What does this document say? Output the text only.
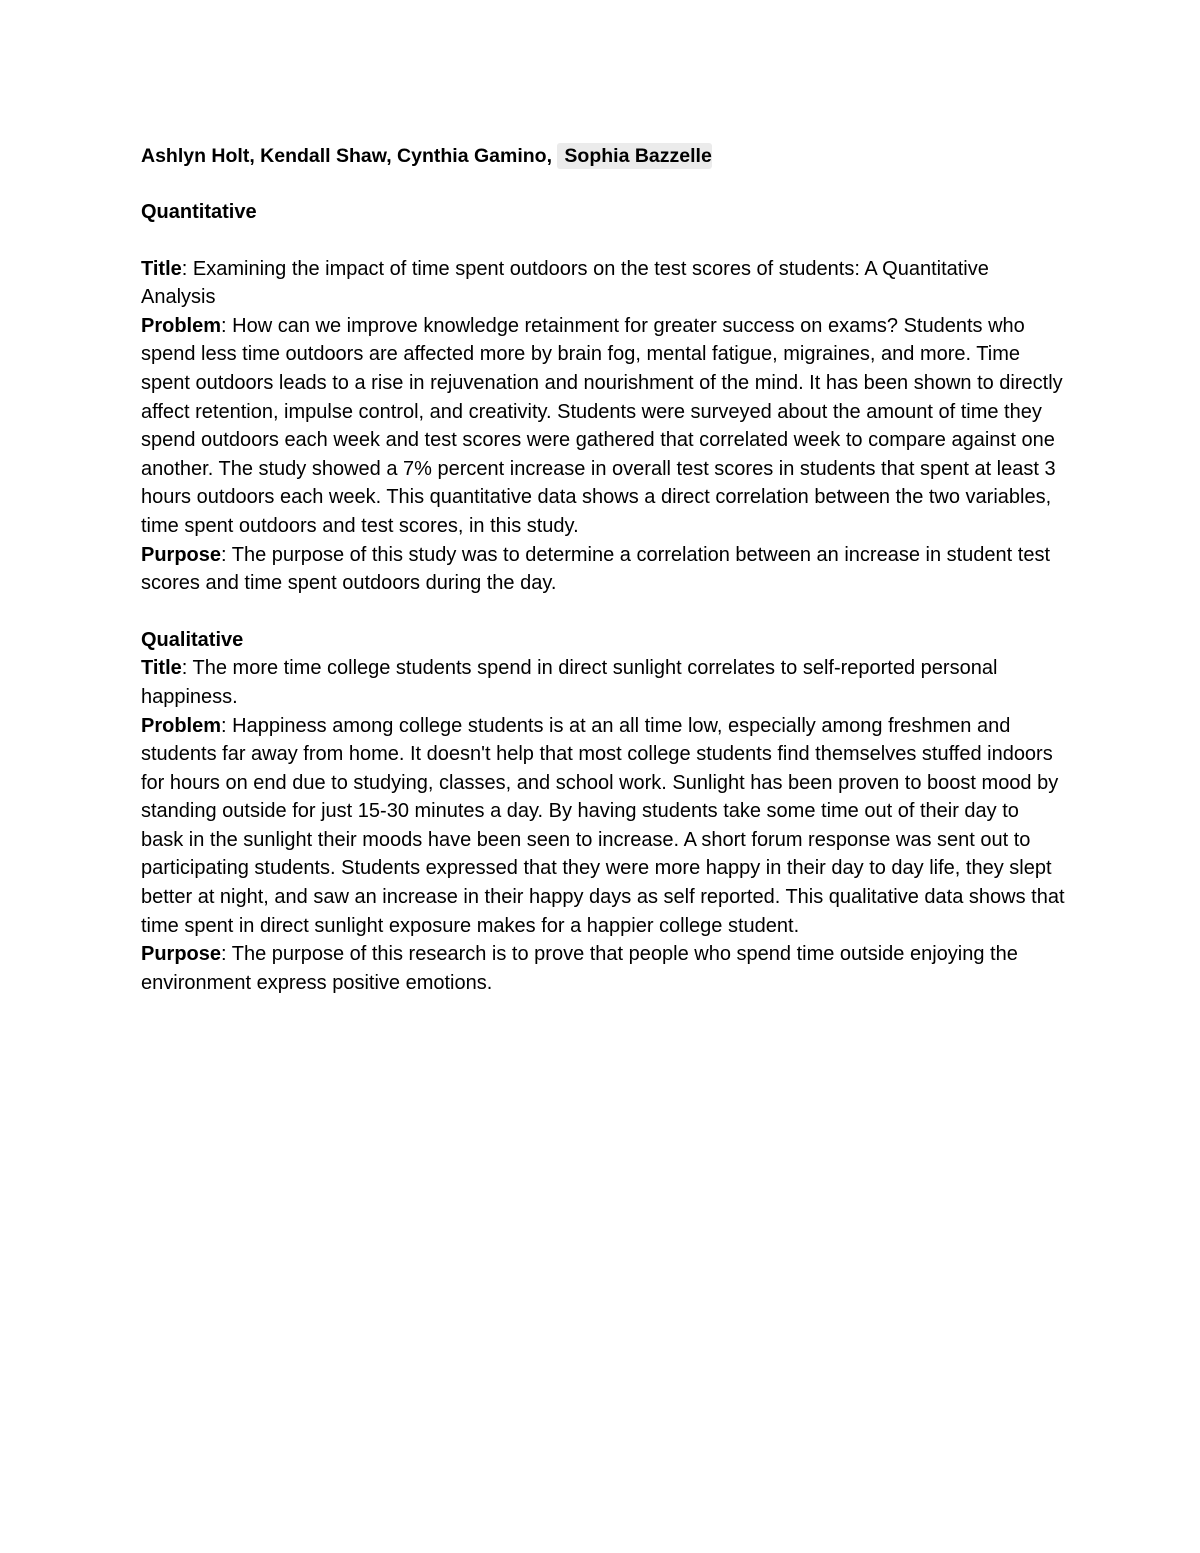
Ashlyn Holt, Kendall Shaw, Cynthia Gamino, Sophia Bazzelle

Quantitative

Title: Examining the impact of time spent outdoors on the test scores of students: A Quantitative Analysis

Problem: How can we improve knowledge retainment for greater success on exams? Students who spend less time outdoors are affected more by brain fog, mental fatigue, migraines, and more. Time spent outdoors leads to a rise in rejuvenation and nourishment of the mind. It has been shown to directly affect retention, impulse control, and creativity. Students were surveyed about the amount of time they spend outdoors each week and test scores were gathered that correlated week to compare against one another. The study showed a 7% percent increase in overall test scores in students that spent at least 3 hours outdoors each week. This quantitative data shows a direct correlation between the two variables, time spent outdoors and test scores, in this study.

Purpose: The purpose of this study was to determine a correlation between an increase in student test scores and time spent outdoors during the day.

Qualitative

Title: The more time college students spend in direct sunlight correlates to self-reported personal happiness.

Problem: Happiness among college students is at an all time low, especially among freshmen and students far away from home. It doesn't help that most college students find themselves stuffed indoors for hours on end due to studying, classes, and school work. Sunlight has been proven to boost mood by standing outside for just 15-30 minutes a day. By having students take some time out of their day to bask in the sunlight their moods have been seen to increase. A short forum response was sent out to participating students. Students expressed that they were more happy in their day to day life, they slept better at night, and saw an increase in their happy days as self reported. This qualitative data shows that time spent in direct sunlight exposure makes for a happier college student.

Purpose: The purpose of this research is to prove that people who spend time outside enjoying the environment express positive emotions.
